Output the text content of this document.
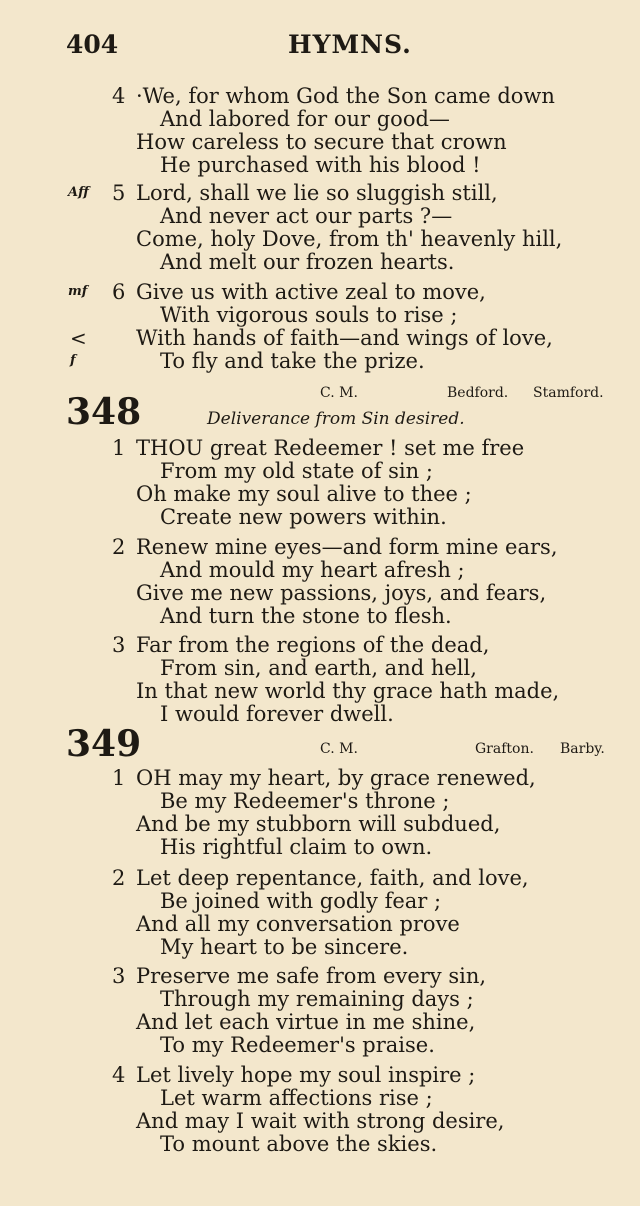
404	HYMNS.
4 ·We, for whom God the Son came down
And labored for our good—
How careless to secure that crown
He purchased with his blood !
Aff 5 Lord, shall we lie so sluggish still,
And never act our parts ?—
Come, holy Dove, from th' heavenly hill,
And melt our frozen hearts.
mf 6 Give us with active zeal to move,
With vigorous souls to rise ;
< With hands of faith—and wings of love,
f	To fly and take the prize.
C. M.	Bedford. Stamford.
348	Deliverance from Sin desired.
1 THOU great Redeemer ! set me free
From my old state of sin ;
Oh make my soul alive to thee ;
Create new powers within.
2 Renew mine eyes—and form mine ears,
And mould my heart afresh ;
Give me new passions, joys, and fears,
And turn the stone to flesh.
3 Far from the regions of the dead,
From sin, and earth, and hell,
In that new world thy grace hath made,
I would forever dwell.
349	C. M.	Grafton. Barby.
1 OH may my heart, by grace renewed,
Be my Redeemer's throne ;
And be my stubborn will subdued,
His rightful claim to own.
2 Let deep repentance, faith, and love,
Be joined with godly fear ;
And all my conversation prove
My heart to be sincere.
3 Preserve me safe from every sin,
Through my remaining days ;
And let each virtue in me shine,
To my Redeemer's praise.
4 Let lively hope my soul inspire ;
Let warm affections rise ;
And may I wait with strong desire,
To mount above the skies.
